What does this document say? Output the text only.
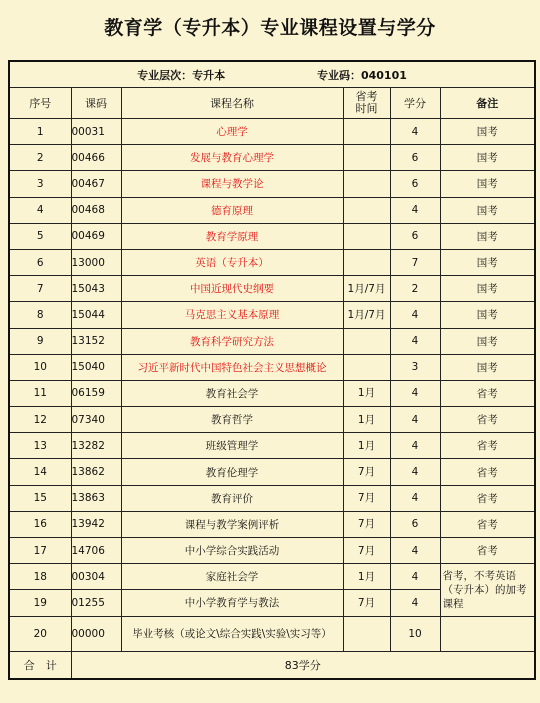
教育学（专升本）专业课程设置与学分
专业层次：专升本 专业码：040101					
序号	课码	课程名称	省考时间	学分	备注
1	00031	心理学		4	国考
2	00466	发展与教育心理学		6	国考
3	00467	课程与教学论		6	国考
4	00468	德育原理		4	国考
5	00469	教育学原理		6	国考
6	13000	英语（专升本）		7	国考
7	15043	中国近现代史纲要	1月/7月	2	国考
8	15044	马克思主义基本原理	1月/7月	4	国考
9	13152	教育科学研究方法		4	国考
10	15040	习近平新时代中国特色社会主义思想概论		3	国考
11	06159	教育社会学	1月	4	省考
12	07340	教育哲学	1月	4	省考
13	13282	班级管理学	1月	4	省考
14	13862	教育伦理学	7月	4	省考
15	13863	教育评价	7月	4	省考
16	13942	课程与教学案例评析	7月	6	省考
17	14706	中小学综合实践活动	7月	4	省考
18	00304	家庭社会学	1月	4	省考，不考英语（专升本）的加考课程
19	01255	中小学教育学与教法	7月	4	
20	00000	毕业考核（或论文\综合实践\实验\实习等）		10	
合　计	83学分				
